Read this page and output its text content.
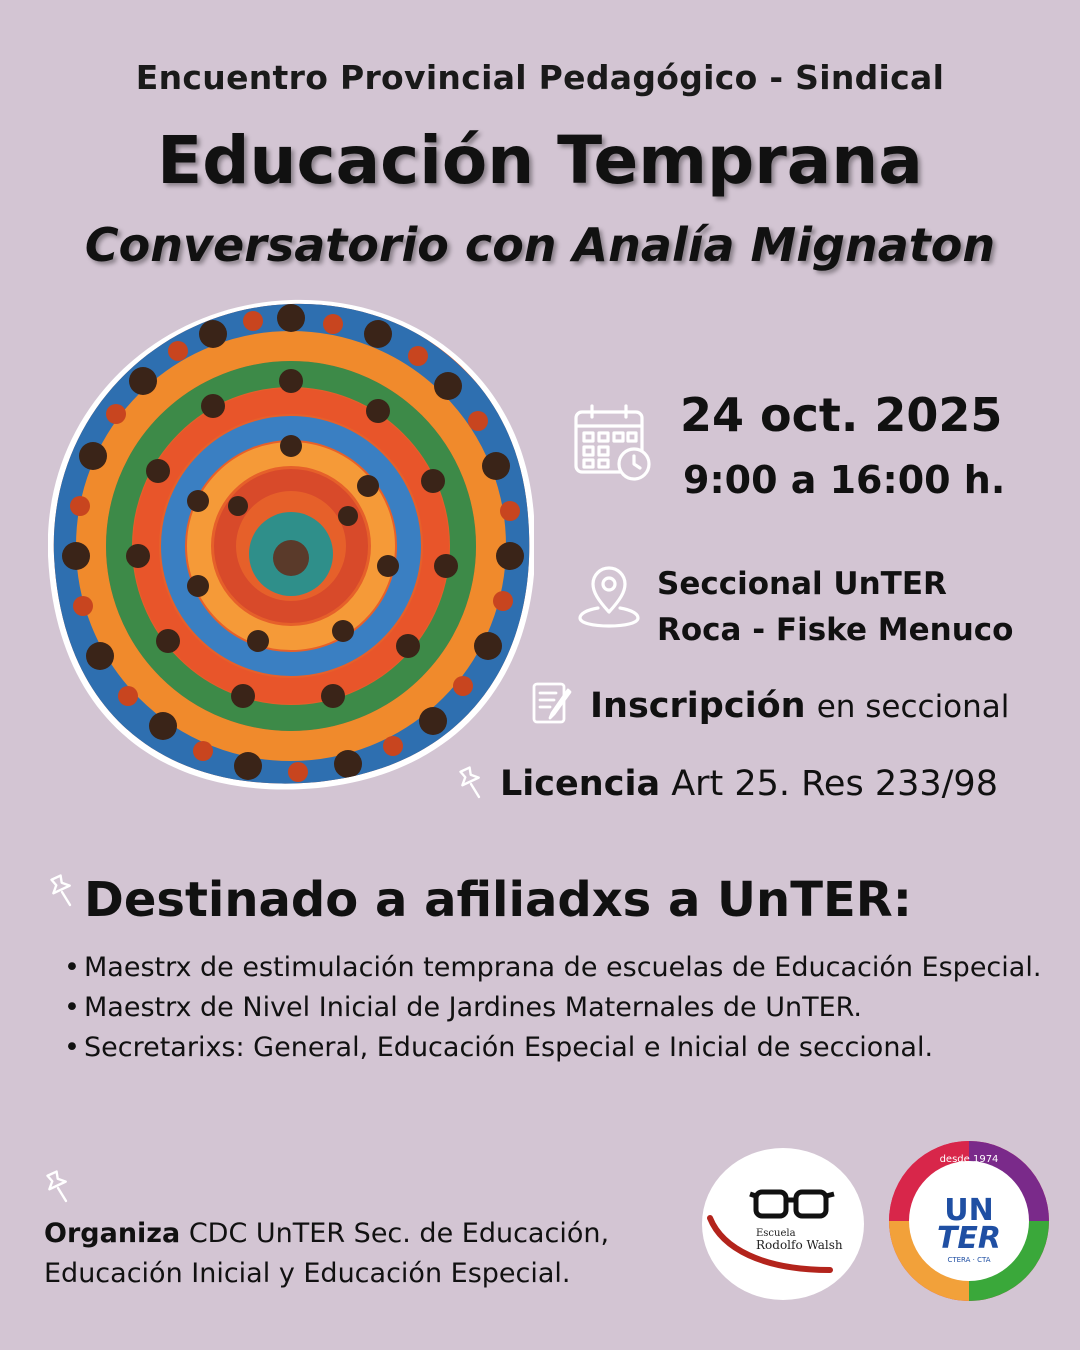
Encuentro Provincial Pedagógico - Sindical
Educación Temprana
Conversatorio con Analía Mignaton
24 oct. 2025
9:00 a 16:00 h.
Seccional UnTER
Roca - Fiske Menuco
Inscripción en seccional
Licencia Art 25. Res 233/98
Destinado a afiliadxs a UnTER:
• Maestrx de estimulación temprana de escuelas de Educación Especial.
• Maestrx de Nivel Inicial de Jardines Maternales de UnTER.
• Secretarixs: General, Educación Especial e Inicial de seccional.
Organiza CDC UnTER Sec. de Educación,
Educación Inicial y Educación Especial.
Escuela
Rodolfo Walsh
desde 1974
UN
TER
CTERA · CTA
